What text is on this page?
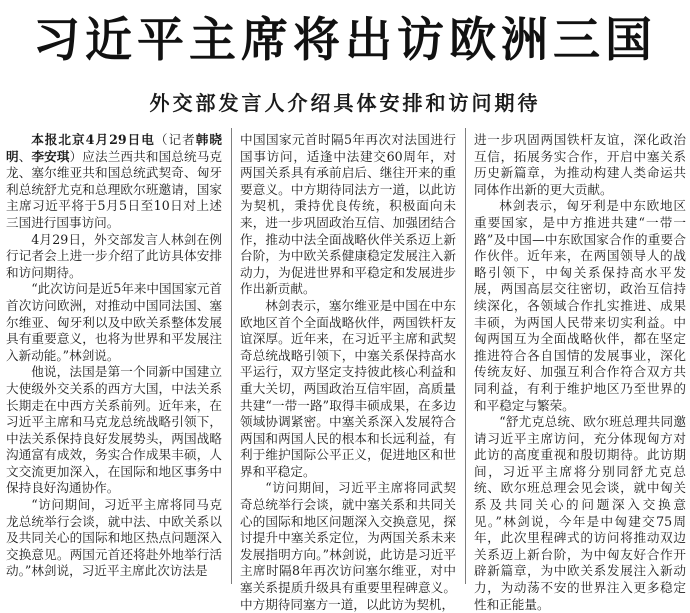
习近平主席将出访欧洲三国
外交部发言人介绍具体安排和访问期待

本报北京4月29日电（记者韩晓明、李安琪）应法兰西共和国总统马克龙、塞尔维亚共和国总统武契奇、匈牙利总统舒尤克和总理欧尔班邀请，国家主席习近平将于5月5日至10日对上述三国进行国事访问。

4月29日，外交部发言人林剑在例行记者会上进一步介绍了此访具体安排和访问期待。

“此次访问是近5年来中国国家元首首次访问欧洲，对推动中国同法国、塞尔维亚、匈牙利以及中欧关系整体发展具有重要意义，也将为世界和平发展注入新动能。”林剑说。

他说，法国是第一个同新中国建立大使级外交关系的西方大国，中法关系长期走在中西方关系前列。近年来，在习近平主席和马克龙总统战略引领下，中法关系保持良好发展势头，两国战略沟通富有成效，务实合作成果丰硕，人文交流更加深入，在国际和地区事务中保持良好沟通协作。

“访问期间，习近平主席将同马克龙总统举行会谈，就中法、中欧关系以及共同关心的国际和地区热点问题深入交换意见。两国元首还将赴外地举行活动。”林剑说，习近平主席此次访法是

中国国家元首时隔5年再次对法国进行国事访问，适逢中法建交60周年，对两国关系具有承前启后、继往开来的重要意义。中方期待同法方一道，以此访为契机，秉持优良传统，积极面向未来，进一步巩固政治互信、加强团结合作，推动中法全面战略伙伴关系迈上新台阶，为中欧关系健康稳定发展注入新动力，为促进世界和平稳定和发展进步作出新贡献。

林剑表示，塞尔维亚是中国在中东欧地区首个全面战略伙伴，两国铁杆友谊深厚。近年来，在习近平主席和武契奇总统战略引领下，中塞关系保持高水平运行，双方坚定支持彼此核心利益和重大关切，两国政治互信牢固，高质量共建“一带一路”取得丰硕成果，在多边领域协调紧密。中塞关系深入发展符合两国和两国人民的根本和长远利益，有利于维护国际公平正义，促进地区和世界和平稳定。

“访问期间，习近平主席将同武契奇总统举行会谈，就中塞关系和共同关心的国际和地区问题深入交换意见，探讨提升中塞关系定位，为两国关系未来发展指明方向。”林剑说，此访是习近平主席时隔8年再次访问塞尔维亚，对中塞关系提质升级具有重要里程碑意义。中方期待同塞方一道，以此访为契机，

进一步巩固两国铁杆友谊，深化政治互信，拓展务实合作，开启中塞关系历史新篇章，为推动构建人类命运共同体作出新的更大贡献。

林剑表示，匈牙利是中东欧地区重要国家，是中方推进共建“一带一路”及中国—中东欧国家合作的重要合作伙伴。近年来，在两国领导人的战略引领下，中匈关系保持高水平发展，两国高层交往密切，政治互信持续深化，各领域合作扎实推进、成果丰硕，为两国人民带来切实利益。中匈两国互为全面战略伙伴，都在坚定推进符合各自国情的发展事业，深化传统友好、加强互利合作符合双方共同利益，有利于维护地区乃至世界的和平稳定与繁荣。

“舒尤克总统、欧尔班总理共同邀请习近平主席访问，充分体现匈方对此访的高度重视和殷切期待。此访期间，习近平主席将分别同舒尤克总统、欧尔班总理会见会谈，就中匈关系及共同关心的问题深入交换意见。”林剑说，今年是中匈建交75周年，此次里程碑式的访问将推动双边关系迈上新台阶，为中匈友好合作开辟新篇章，为中欧关系发展注入新动力，为动荡不安的世界注入更多稳定性和正能量。
